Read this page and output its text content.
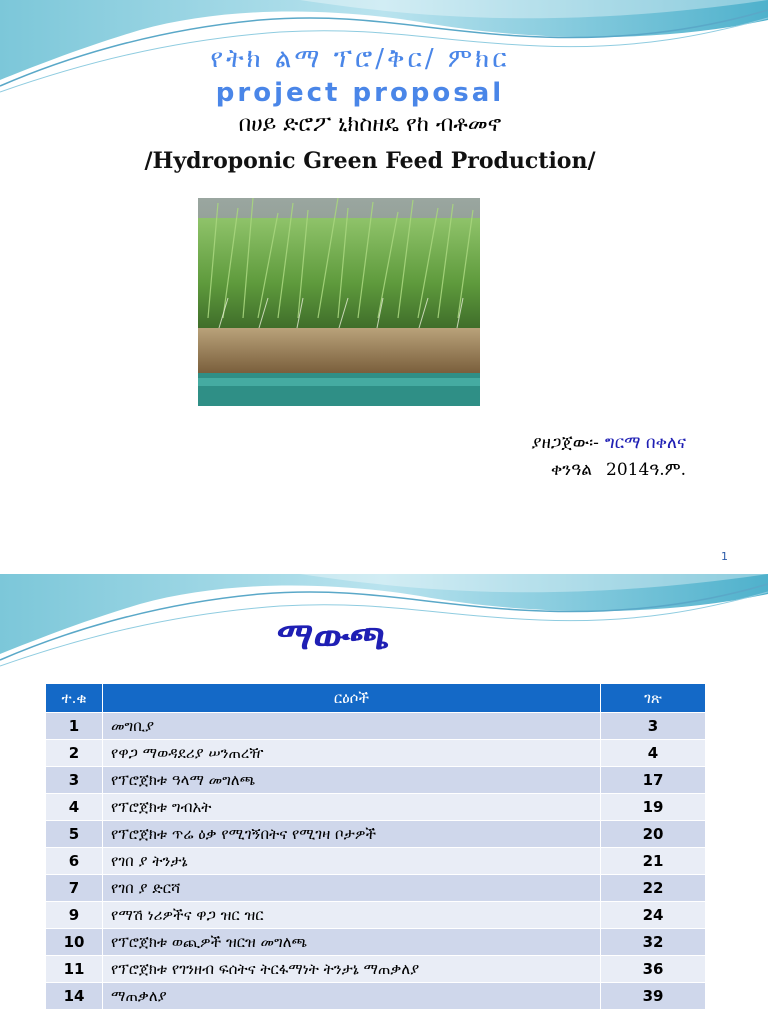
የትክ ልማ ፕሮ/ቅር/ ምክር
project proposal
በሀይ ድሮፖ ኒክስዘዴ የከ ብቶመኖ
/Hydroponic Green Feed Production/
ያዘጋጀው፡- ግርማ በቀለና
ቀንዓል 2014ዓ.ም.
1
ማውጫ
ተ.ቁ	ርዕሶች	ገጽ
1	መግቢያ	3
2	የዋጋ ማወዳደሪያ ሠንጠረዥ	4
3	የፕሮጀክቱ ዓላማ መግለጫ	17
4	የፕሮጀክቱ ግብአት	19
5	የፕሮጀክቱ ጥሬ ዕቃ የሚገኝበትና የሚገዛ ቦታዎች	20
6	የገበ ያ ትንታኔ	21
7	የገበ ያ ድርሻ	22
9	የማሽ ነሪዎችና ዋጋ ዝር ዝር	24
10	የፕሮጀክቱ ወጪዎች ዝርዝ መግለጫ	32
11	የፕሮጀክቱ የገንዘብ ፍሰትና ትርፋማነት ትንታኔ ማጠቃለያ	36
14	ማጠቃለያ	39
